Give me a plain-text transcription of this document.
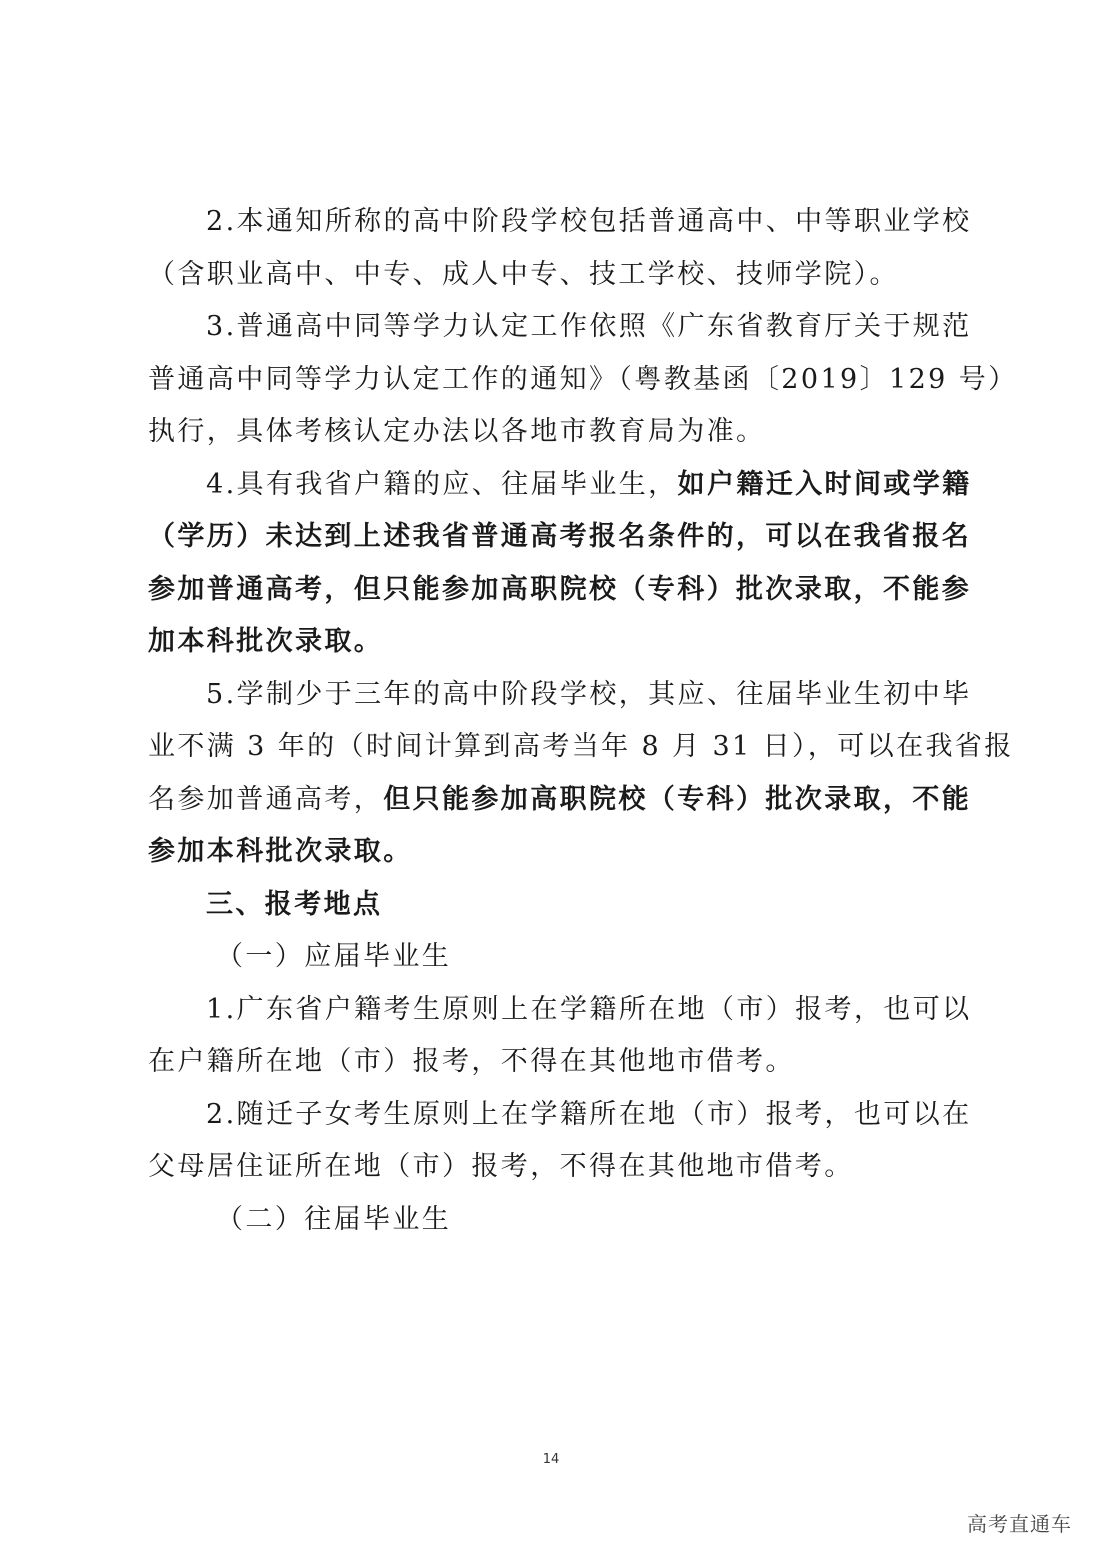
2.本通知所称的高中阶段学校包括普通高中、中等职业学校
（含职业高中、中专、成人中专、技工学校、技师学院）。
3.普通高中同等学力认定工作依照《广东省教育厅关于规范
普通高中同等学力认定工作的通知》（粤教基函〔2019〕129 号）
执行，具体考核认定办法以各地市教育局为准。
4.具有我省户籍的应、往届毕业生，如户籍迁入时间或学籍
（学历）未达到上述我省普通高考报名条件的，可以在我省报名
参加普通高考，但只能参加高职院校（专科）批次录取，不能参
加本科批次录取。
5.学制少于三年的高中阶段学校，其应、往届毕业生初中毕
业不满 3 年的（时间计算到高考当年 8 月 31 日），可以在我省报
名参加普通高考，但只能参加高职院校（专科）批次录取，不能
参加本科批次录取。
三、报考地点
（一）应届毕业生
1.广东省户籍考生原则上在学籍所在地（市）报考，也可以
在户籍所在地（市）报考，不得在其他地市借考。
2.随迁子女考生原则上在学籍所在地（市）报考，也可以在
父母居住证所在地（市）报考，不得在其他地市借考。
（二）往届毕业生
14
高考直通车
